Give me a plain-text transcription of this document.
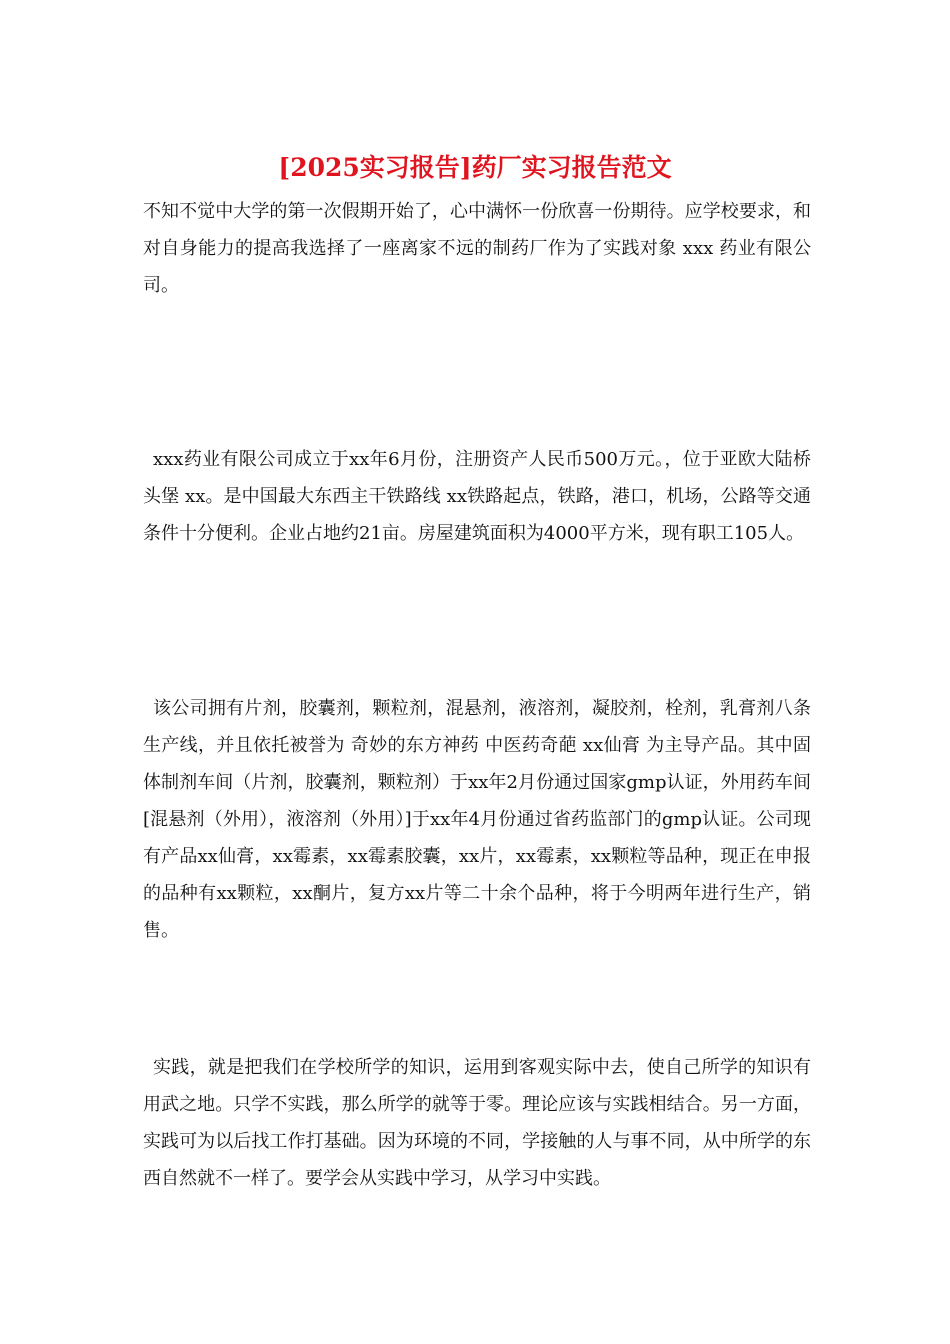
[2025实习报告]药厂实习报告范文

不知不觉中大学的第一次假期开始了，心中满怀一份欣喜一份期待。应学校要求，和对自身能力的提高我选择了一座离家不远的制药厂作为了实践对象 xxx 药业有限公司。

xxx药业有限公司成立于xx年6月份，注册资产人民币500万元。，位于亚欧大陆桥头堡 xx。是中国最大东西主干铁路线 xx铁路起点，铁路，港口，机场，公路等交通条件十分便利。企业占地约21亩。房屋建筑面积为4000平方米，现有职工105人。

该公司拥有片剂，胶囊剂，颗粒剂，混悬剂，液溶剂，凝胶剂，栓剂，乳膏剂八条生产线，并且依托被誉为 奇妙的东方神药 中医药奇葩 xx仙膏 为主导产品。其中固体制剂车间（片剂，胶囊剂，颗粒剂）于xx年2月份通过国家gmp认证，外用药车间[混悬剂（外用），液溶剂（外用）]于xx年4月份通过省药监部门的gmp认证。公司现有产品xx仙膏，xx霉素，xx霉素胶囊，xx片，xx霉素，xx颗粒等品种，现正在申报的品种有xx颗粒，xx酮片，复方xx片等二十余个品种，将于今明两年进行生产，销售。

实践，就是把我们在学校所学的知识，运用到客观实际中去，使自己所学的知识有用武之地。只学不实践，那么所学的就等于零。理论应该与实践相结合。另一方面，实践可为以后找工作打基础。因为环境的不同，学接触的人与事不同，从中所学的东西自然就不一样了。要学会从实践中学习，从学习中实践。
